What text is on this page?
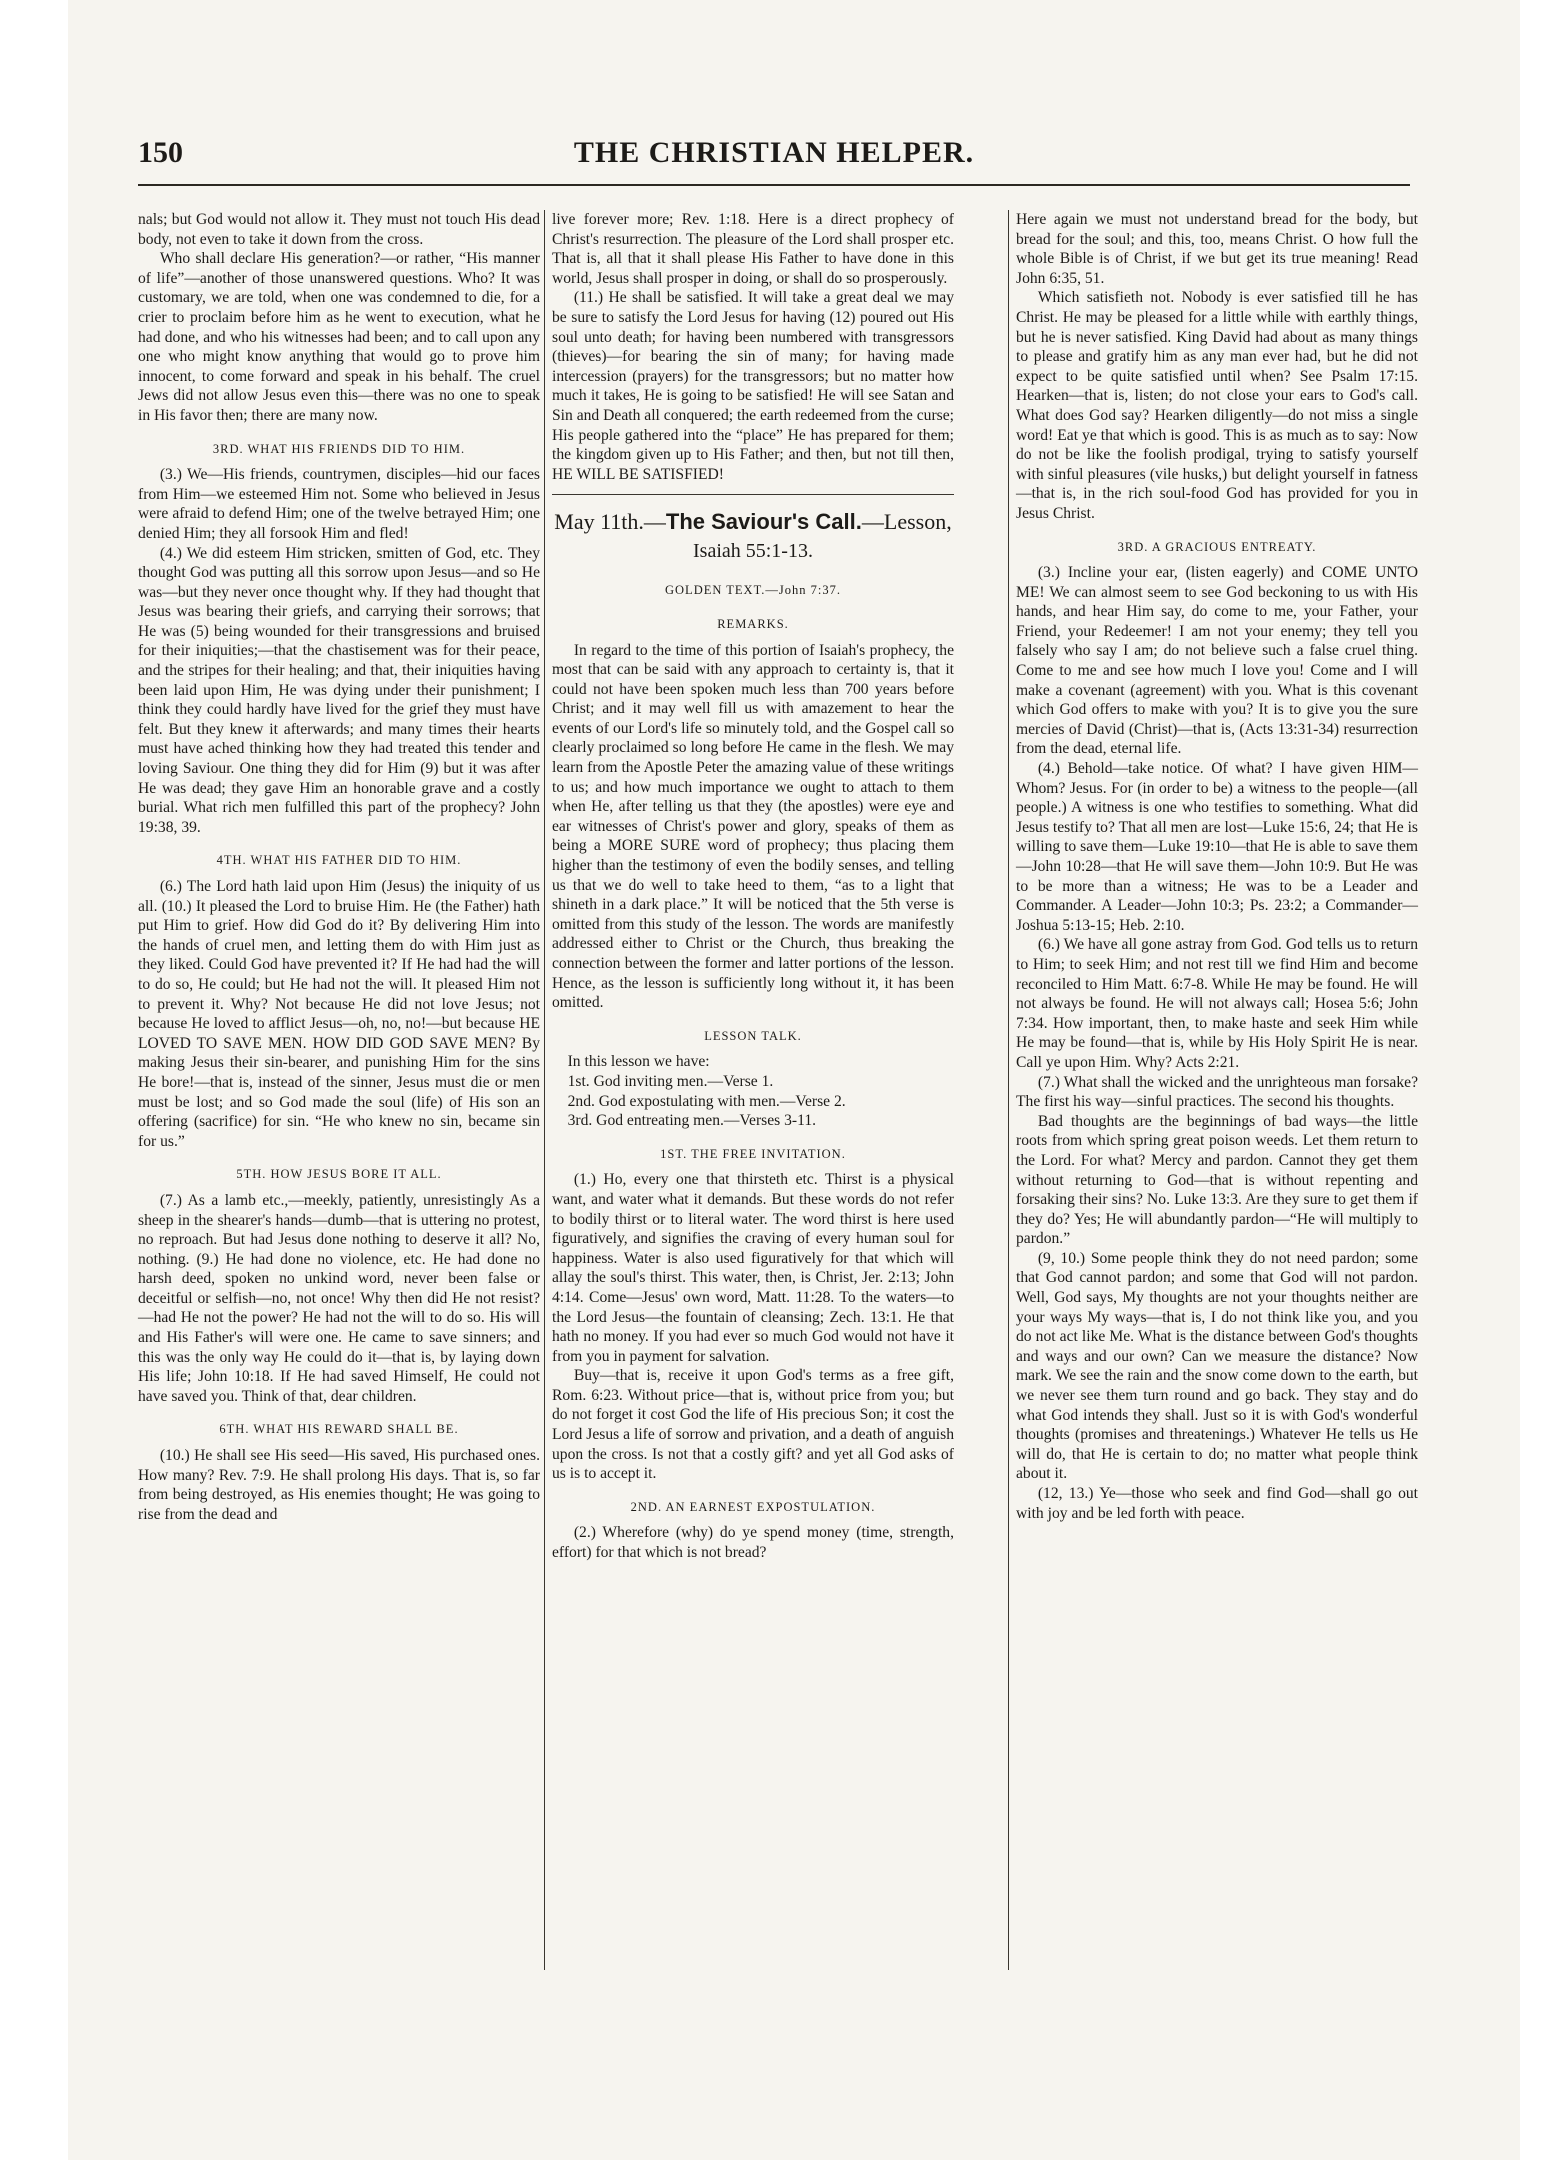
150	THE CHRISTIAN HELPER.

nals; but God would not allow it. They must not touch His dead body, not even to take it down from the cross.

Who shall declare His generation?—or rather, “His manner of life”—another of those unanswered questions. Who? It was customary, we are told, when one was condemned to die, for a crier to proclaim before him as he went to execution, what he had done, and who his witnesses had been; and to call upon any one who might know anything that would go to prove him innocent, to come forward and speak in his behalf. The cruel Jews did not allow Jesus even this—there was no one to speak in His favor then; there are many now.

3RD. WHAT HIS FRIENDS DID TO HIM.

(3.) We—His friends, countrymen, disciples—hid our faces from Him—we esteemed Him not. Some who believed in Jesus were afraid to defend Him; one of the twelve betrayed Him; one denied Him; they all forsook Him and fled!

(4.) We did esteem Him stricken, smitten of God, etc. They thought God was putting all this sorrow upon Jesus—and so He was—but they never once thought why. If they had thought that Jesus was bearing their griefs, and carrying their sorrows; that He was (5) being wounded for their transgressions and bruised for their iniquities;—that the chastisement was for their peace, and the stripes for their healing; and that, their iniquities having been laid upon Him, He was dying under their punishment; I think they could hardly have lived for the grief they must have felt. But they knew it afterwards; and many times their hearts must have ached thinking how they had treated this tender and loving Saviour. One thing they did for Him (9) but it was after He was dead; they gave Him an honorable grave and a costly burial. What rich men fulfilled this part of the prophecy? John 19:38, 39.

4TH. WHAT HIS FATHER DID TO HIM.

(6.) The Lord hath laid upon Him (Jesus) the iniquity of us all. (10.) It pleased the Lord to bruise Him. He (the Father) hath put Him to grief. How did God do it? By delivering Him into the hands of cruel men, and letting them do with Him just as they liked. Could God have prevented it? If He had had the will to do so, He could; but He had not the will. It pleased Him not to prevent it. Why? Not because He did not love Jesus; not because He loved to afflict Jesus—oh, no, no!—but because HE LOVED TO SAVE MEN. HOW DID GOD SAVE MEN? By making Jesus their sin-bearer, and punishing Him for the sins He bore!—that is, instead of the sinner, Jesus must die or men must be lost; and so God made the soul (life) of His son an offering (sacrifice) for sin. “He who knew no sin, became sin for us.”

5TH. HOW JESUS BORE IT ALL.

(7.) As a lamb etc.,—meekly, patiently, unresistingly As a sheep in the shearer's hands—dumb—that is uttering no protest, no reproach. But had Jesus done nothing to deserve it all? No, nothing. (9.) He had done no violence, etc. He had done no harsh deed, spoken no unkind word, never been false or deceitful or selfish—no, not once! Why then did He not resist?—had He not the power? He had not the will to do so. His will and His Father's will were one. He came to save sinners; and this was the only way He could do it—that is, by laying down His life; John 10:18. If He had saved Himself, He could not have saved you. Think of that, dear children.

6TH. WHAT HIS REWARD SHALL BE.

(10.) He shall see His seed—His saved, His purchased ones. How many? Rev. 7:9. He shall prolong His days. That is, so far from being destroyed, as His enemies thought; He was going to rise from the dead and

live forever more; Rev. 1:18. Here is a direct prophecy of Christ's resurrection. The pleasure of the Lord shall prosper etc. That is, all that it shall please His Father to have done in this world, Jesus shall prosper in doing, or shall do so prosperously.

(11.) He shall be satisfied. It will take a great deal we may be sure to satisfy the Lord Jesus for having (12) poured out His soul unto death; for having been numbered with transgressors (thieves)—for bearing the sin of many; for having made intercession (prayers) for the transgressors; but no matter how much it takes, He is going to be satisfied! He will see Satan and Sin and Death all conquered; the earth redeemed from the curse; His people gathered into the “place” He has prepared for them; the kingdom given up to His Father; and then, but not till then, HE WILL BE SATISFIED!

May 11th.—The Saviour's Call.—Lesson,
Isaiah 55:1-13.
GOLDEN TEXT.—John 7:37.
REMARKS.

In regard to the time of this portion of Isaiah's prophecy, the most that can be said with any approach to certainty is, that it could not have been spoken much less than 700 years before Christ; and it may well fill us with amazement to hear the events of our Lord's life so minutely told, and the Gospel call so clearly proclaimed so long before He came in the flesh. We may learn from the Apostle Peter the amazing value of these writings to us; and how much importance we ought to attach to them when He, after telling us that they (the apostles) were eye and ear witnesses of Christ's power and glory, speaks of them as being a MORE SURE word of prophecy; thus placing them higher than the testimony of even the bodily senses, and telling us that we do well to take heed to them, “as to a light that shineth in a dark place.” It will be noticed that the 5th verse is omitted from this study of the lesson. The words are manifestly addressed either to Christ or the Church, thus breaking the connection between the former and latter portions of the lesson. Hence, as the lesson is sufficiently long without it, it has been omitted.

LESSON TALK.

In this lesson we have:

1st. God inviting men.—Verse 1.

2nd. God expostulating with men.—Verse 2.

3rd. God entreating men.—Verses 3-11.

1ST. THE FREE INVITATION.

(1.) Ho, every one that thirsteth etc. Thirst is a physical want, and water what it demands. But these words do not refer to bodily thirst or to literal water. The word thirst is here used figuratively, and signifies the craving of every human soul for happiness. Water is also used figuratively for that which will allay the soul's thirst. This water, then, is Christ, Jer. 2:13; John 4:14. Come—Jesus' own word, Matt. 11:28. To the waters—to the Lord Jesus—the fountain of cleansing; Zech. 13:1. He that hath no money. If you had ever so much God would not have it from you in payment for salvation.

Buy—that is, receive it upon God's terms as a free gift, Rom. 6:23. Without price—that is, without price from you; but do not forget it cost God the life of His precious Son; it cost the Lord Jesus a life of sorrow and privation, and a death of anguish upon the cross. Is not that a costly gift? and yet all God asks of us is to accept it.

2ND. AN EARNEST EXPOSTULATION.

(2.) Wherefore (why) do ye spend money (time, strength, effort) for that which is not bread?

Here again we must not understand bread for the body, but bread for the soul; and this, too, means Christ. O how full the whole Bible is of Christ, if we but get its true meaning! Read John 6:35, 51.

Which satisfieth not. Nobody is ever satisfied till he has Christ. He may be pleased for a little while with earthly things, but he is never satisfied. King David had about as many things to please and gratify him as any man ever had, but he did not expect to be quite satisfied until when? See Psalm 17:15. Hearken—that is, listen; do not close your ears to God's call. What does God say? Hearken diligently—do not miss a single word! Eat ye that which is good. This is as much as to say: Now do not be like the foolish prodigal, trying to satisfy yourself with sinful pleasures (vile husks,) but delight yourself in fatness—that is, in the rich soul-food God has provided for you in Jesus Christ.

3RD. A GRACIOUS ENTREATY.

(3.) Incline your ear, (listen eagerly) and COME UNTO ME! We can almost seem to see God beckoning to us with His hands, and hear Him say, do come to me, your Father, your Friend, your Redeemer! I am not your enemy; they tell you falsely who say I am; do not believe such a false cruel thing. Come to me and see how much I love you! Come and I will make a covenant (agreement) with you. What is this covenant which God offers to make with you? It is to give you the sure mercies of David (Christ)—that is, (Acts 13:31-34) resurrection from the dead, eternal life.

(4.) Behold—take notice. Of what? I have given HIM—Whom? Jesus. For (in order to be) a witness to the people—(all people.) A witness is one who testifies to something. What did Jesus testify to? That all men are lost—Luke 15:6, 24; that He is willing to save them—Luke 19:10—that He is able to save them—John 10:28—that He will save them—John 10:9. But He was to be more than a witness; He was to be a Leader and Commander. A Leader—John 10:3; Ps. 23:2; a Commander—Joshua 5:13-15; Heb. 2:10.

(6.) We have all gone astray from God. God tells us to return to Him; to seek Him; and not rest till we find Him and become reconciled to Him Matt. 6:7-8. While He may be found. He will not always be found. He will not always call; Hosea 5:6; John 7:34. How important, then, to make haste and seek Him while He may be found—that is, while by His Holy Spirit He is near. Call ye upon Him. Why? Acts 2:21.

(7.) What shall the wicked and the unrighteous man forsake? The first his way—sinful practices. The second his thoughts.

Bad thoughts are the beginnings of bad ways—the little roots from which spring great poison weeds. Let them return to the Lord. For what? Mercy and pardon. Cannot they get them without returning to God—that is without repenting and forsaking their sins? No. Luke 13:3. Are they sure to get them if they do? Yes; He will abundantly pardon—“He will multiply to pardon.”

(9, 10.) Some people think they do not need pardon; some that God cannot pardon; and some that God will not pardon. Well, God says, My thoughts are not your thoughts neither are your ways My ways—that is, I do not think like you, and you do not act like Me. What is the distance between God's thoughts and ways and our own? Can we measure the distance? Now mark. We see the rain and the snow come down to the earth, but we never see them turn round and go back. They stay and do what God intends they shall. Just so it is with God's wonderful thoughts (promises and threatenings.) Whatever He tells us He will do, that He is certain to do; no matter what people think about it.

(12, 13.) Ye—those who seek and find God—shall go out with joy and be led forth with peace.
